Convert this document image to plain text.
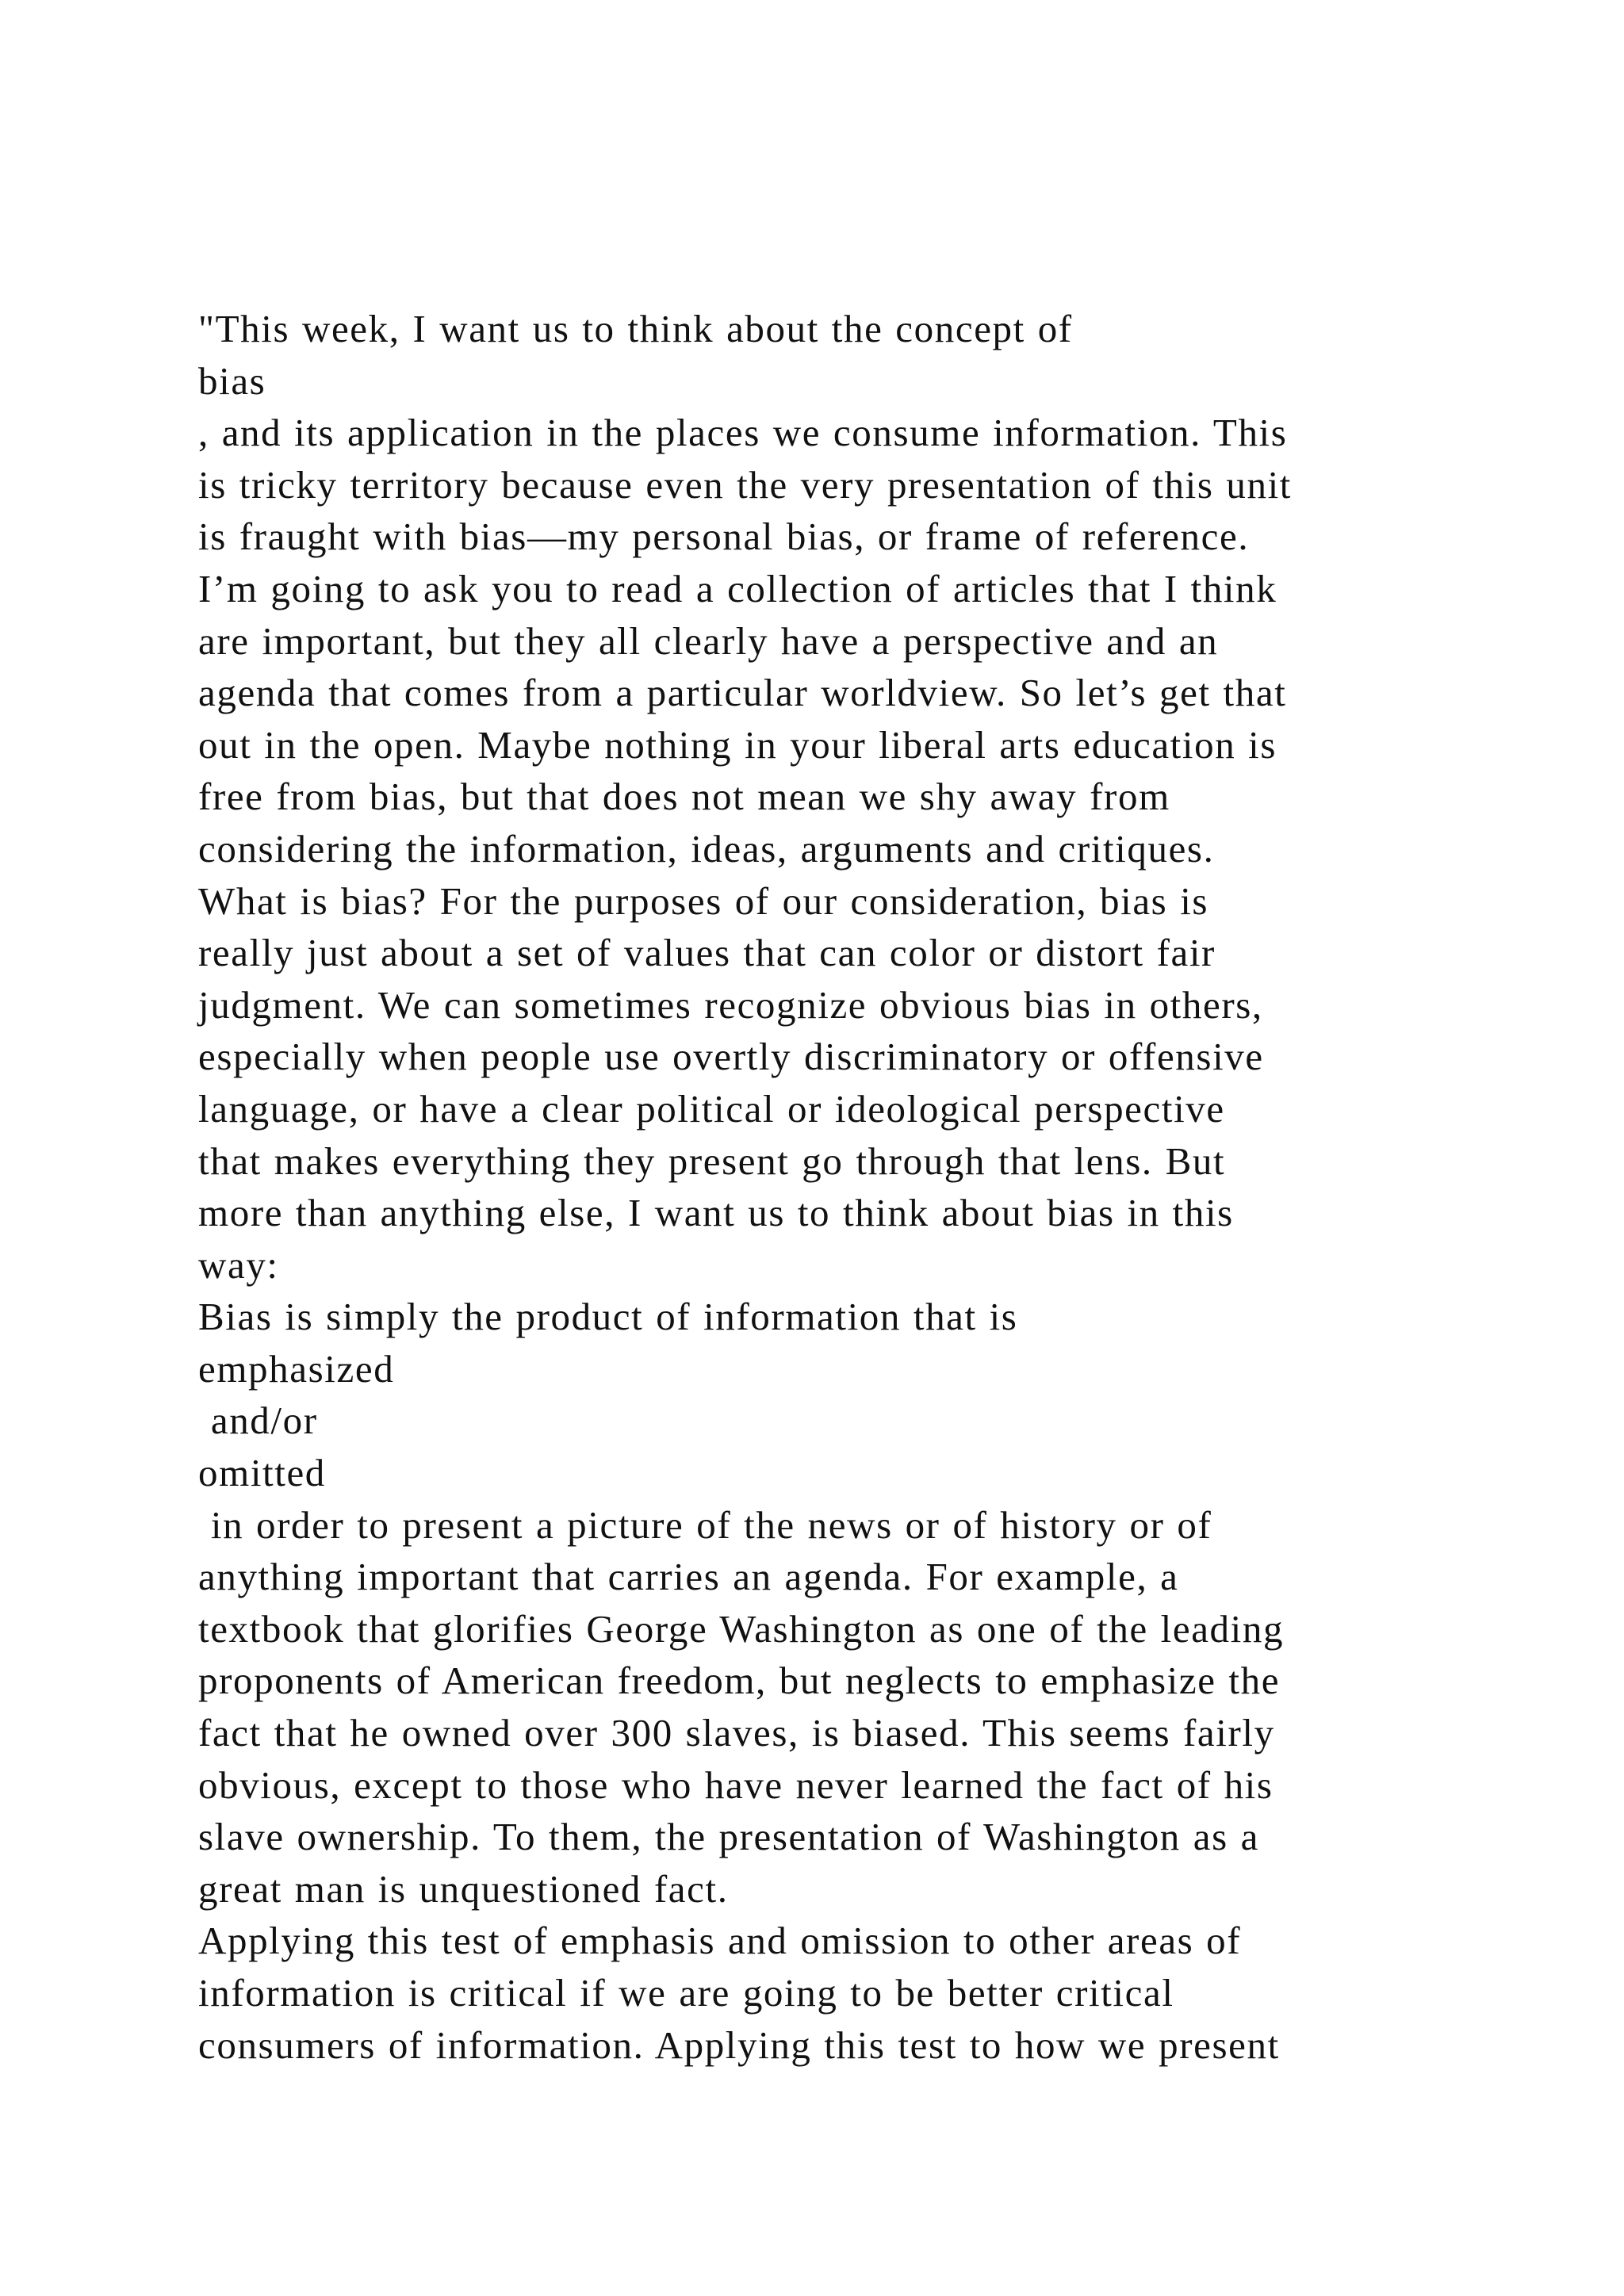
"This week, I want us to think about the concept of
bias
, and its application in the places we consume information. This
is tricky territory because even the very presentation of this unit
is fraught with bias—my personal bias, or frame of reference.
I’m going to ask you to read a collection of articles that I think
are important, but they all clearly have a perspective and an
agenda that comes from a particular worldview. So let’s get that
out in the open. Maybe nothing in your liberal arts education is
free from bias, but that does not mean we shy away from
considering the information, ideas, arguments and critiques.
What is bias? For the purposes of our consideration, bias is
really just about a set of values that can color or distort fair
judgment. We can sometimes recognize obvious bias in others,
especially when people use overtly discriminatory or offensive
language, or have a clear political or ideological perspective
that makes everything they present go through that lens. But
more than anything else, I want us to think about bias in this
way:
Bias is simply the product of information that is
emphasized
and/or
omitted
in order to present a picture of the news or of history or of
anything important that carries an agenda. For example, a
textbook that glorifies George Washington as one of the leading
proponents of American freedom, but neglects to emphasize the
fact that he owned over 300 slaves, is biased. This seems fairly
obvious, except to those who have never learned the fact of his
slave ownership. To them, the presentation of Washington as a
great man is unquestioned fact.
Applying this test of emphasis and omission to other areas of
information is critical if we are going to be better critical
consumers of information. Applying this test to how we present
